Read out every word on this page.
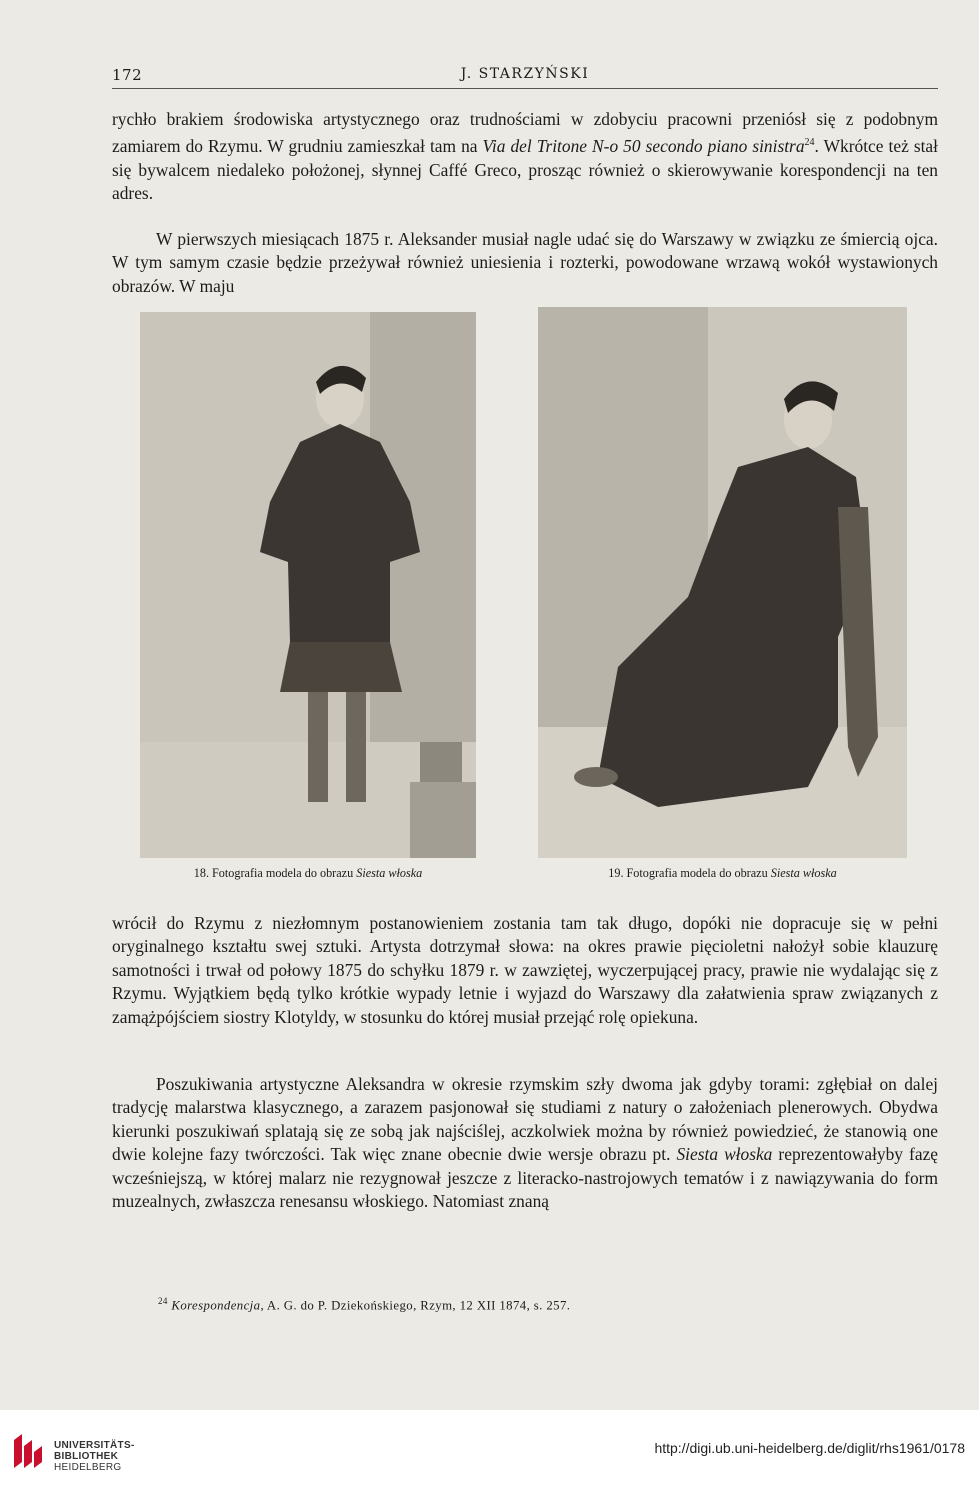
172	J. STARZYŃSKI

rychło brakiem środowiska artystycznego oraz trudnościami w zdobyciu pracowni przeniósł się z podobnym zamiarem do Rzymu. W grudniu zamieszkał tam na Via del Tritone N-o 50 secondo piano sinistra$^{24}$. Wkrótce też stał się bywalcem niedaleko położonej, słynnej Caffé Greco, prosząc również o skierowywanie korespondencji na ten adres.

W pierwszych miesiącach 1875 r. Aleksander musiał nagle udać się do Warszawy w związku ze śmiercią ojca. W tym samym czasie będzie przeżywał również uniesienia i rozterki, powodowane wrzawą wokół wystawionych obrazów. W maju

18. Fotografia modela do obrazu Siesta włoska	19. Fotografia modela do obrazu Siesta włoska

wrócił do Rzymu z niezłomnym postanowieniem zostania tam tak długo, dopóki nie dopracuje się w pełni oryginalnego kształtu swej sztuki. Artysta dotrzymał słowa: na okres prawie pięcioletni nałożył sobie klauzurę samotności i trwał od połowy 1875 do schyłku 1879 r. w zawziętej, wyczerpującej pracy, prawie nie wydalając się z Rzymu. Wyjątkiem będą tylko krótkie wypady letnie i wyjazd do Warszawy dla załatwienia spraw związanych z zamążpójściem siostry Klotyldy, w stosunku do której musiał przejąć rolę opiekuna.

Poszukiwania artystyczne Aleksandra w okresie rzymskim szły dwoma jak gdyby torami: zgłębiał on dalej tradycję malarstwa klasycznego, a zarazem pasjonował się studiami z natury o założeniach plenerowych. Obydwa kierunki poszukiwań splatają się ze sobą jak najściślej, aczkolwiek można by również powiedzieć, że stanowią one dwie kolejne fazy twórczości. Tak więc znane obecnie dwie wersje obrazu pt. Siesta włoska reprezentowałyby fazę wcześniejszą, w której malarz nie rezygnował jeszcze z literacko-nastrojowych tematów i z nawiązywania do form muzealnych, zwłaszcza renesansu włoskiego. Natomiast znaną

$^{24}$ Korespondencja, A. G. do P. Dziekońskiego, Rzym, 12 XII 1874, s. 257.
UNIVERSITÄTS-
BIBLIOTHEK
HEIDELBERG
http://digi.ub.uni-heidelberg.de/diglit/rhs1961/0178
